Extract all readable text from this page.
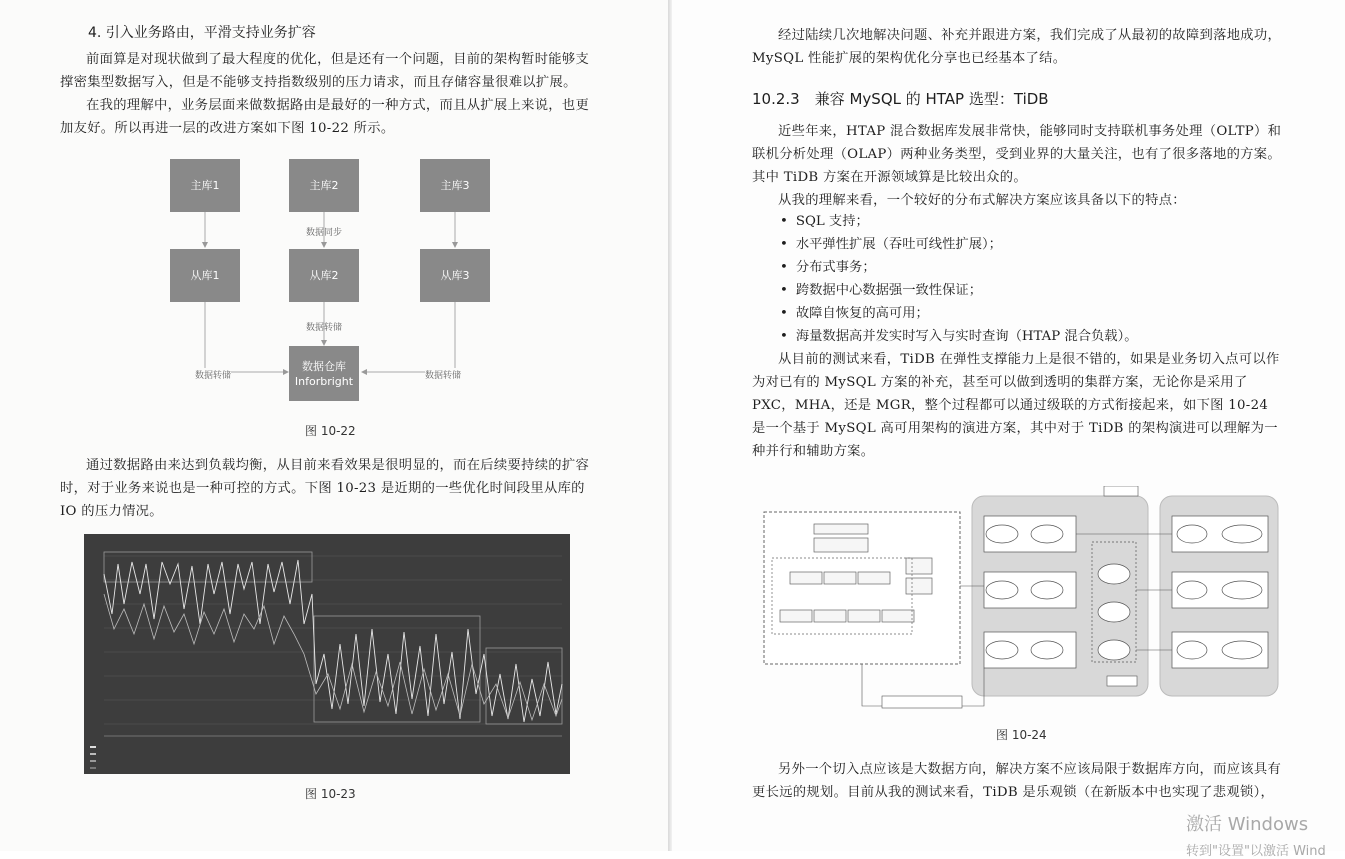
4. 引入业务路由，平滑支持业务扩容

前面算是对现状做到了最大程度的优化，但是还有一个问题，目前的架构暂时能够支撑密集型数据写入，但是不能够支持指数级别的压力请求，而且存储容量很难以扩展。

在我的理解中，业务层面来做数据路由是最好的一种方式，而且从扩展上来说，也更加友好。所以再进一层的改进方案如下图 10-22 所示。

主库1	主库2	主库3
数据同步
从库1	从库2	从库3
数据转储
数据转储	数据转储
数据仓库
Inforbright
图 10-22

通过数据路由来达到负载均衡，从目前来看效果是很明显的，而在后续要持续的扩容时，对于业务来说也是一种可控的方式。下图 10-23 是近期的一些优化时间段里从库的IO 的压力情况。

图 10-23

经过陆续几次地解决问题、补充并跟进方案，我们完成了从最初的故障到落地成功，MySQL 性能扩展的架构优化分享也已经基本了结。

10.2.3　兼容 MySQL 的 HTAP 选型：TiDB

近些年来，HTAP 混合数据库发展非常快，能够同时支持联机事务处理（OLTP）和联机分析处理（OLAP）两种业务类型，受到业界的大量关注，也有了很多落地的方案。其中 TiDB 方案在开源领域算是比较出众的。

从我的理解来看，一个较好的分布式解决方案应该具备以下的特点：

• SQL 支持；
• 水平弹性扩展（吞吐可线性扩展）；
• 分布式事务；
• 跨数据中心数据强一致性保证；
• 故障自恢复的高可用；
• 海量数据高并发实时写入与实时查询（HTAP 混合负载）。

从目前的测试来看，TiDB 在弹性支撑能力上是很不错的，如果是业务切入点可以作为对已有的 MySQL 方案的补充，甚至可以做到透明的集群方案，无论你是采用了 PXC，MHA，还是 MGR，整个过程都可以通过级联的方式衔接起来，如下图 10-24 是一个基于 MySQL 高可用架构的演进方案，其中对于 TiDB 的架构演进可以理解为一种并行和辅助方案。

图 10-24

另外一个切入点应该是大数据方向，解决方案不应该局限于数据库方向，而应该具有更长远的规划。目前从我的测试来看，TiDB 是乐观锁（在新版本中也实现了悲观锁），

激活 Windows
转到"设置"以激活 Wind
